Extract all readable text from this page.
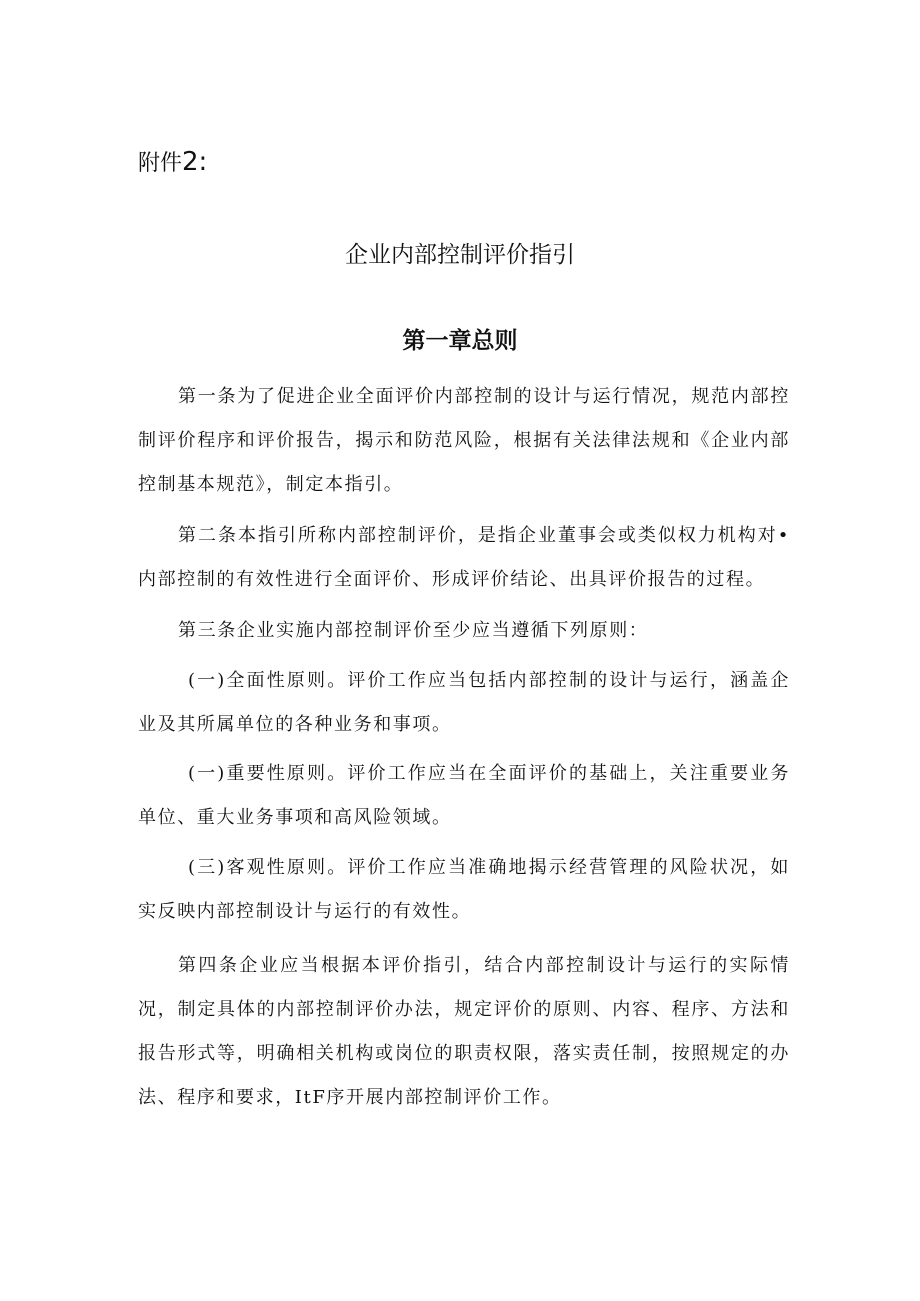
附件2:
企业内部控制评价指引
第一章总则

第一条为了促进企业全面评价内部控制的设计与运行情况，规范内部控制评价程序和评价报告，揭示和防范风险，根据有关法律法规和《企业内部控制基本规范》，制定本指引。

第二条本指引所称内部控制评价，是指企业董事会或类似权力机构对•内部控制的有效性进行全面评价、形成评价结论、出具评价报告的过程。

第三条企业实施内部控制评价至少应当遵循下列原则：

(一)全面性原则。评价工作应当包括内部控制的设计与运行，涵盖企业及其所属单位的各种业务和事项。

(一)重要性原则。评价工作应当在全面评价的基础上，关注重要业务单位、重大业务事项和高风险领域。

(三)客观性原则。评价工作应当准确地揭示经营管理的风险状况，如实反映内部控制设计与运行的有效性。

第四条企业应当根据本评价指引，结合内部控制设计与运行的实际情况，制定具体的内部控制评价办法，规定评价的原则、内容、程序、方法和报告形式等，明确相关机构或岗位的职责权限，落实责任制，按照规定的办法、程序和要求，ItF序开展内部控制评价工作。
